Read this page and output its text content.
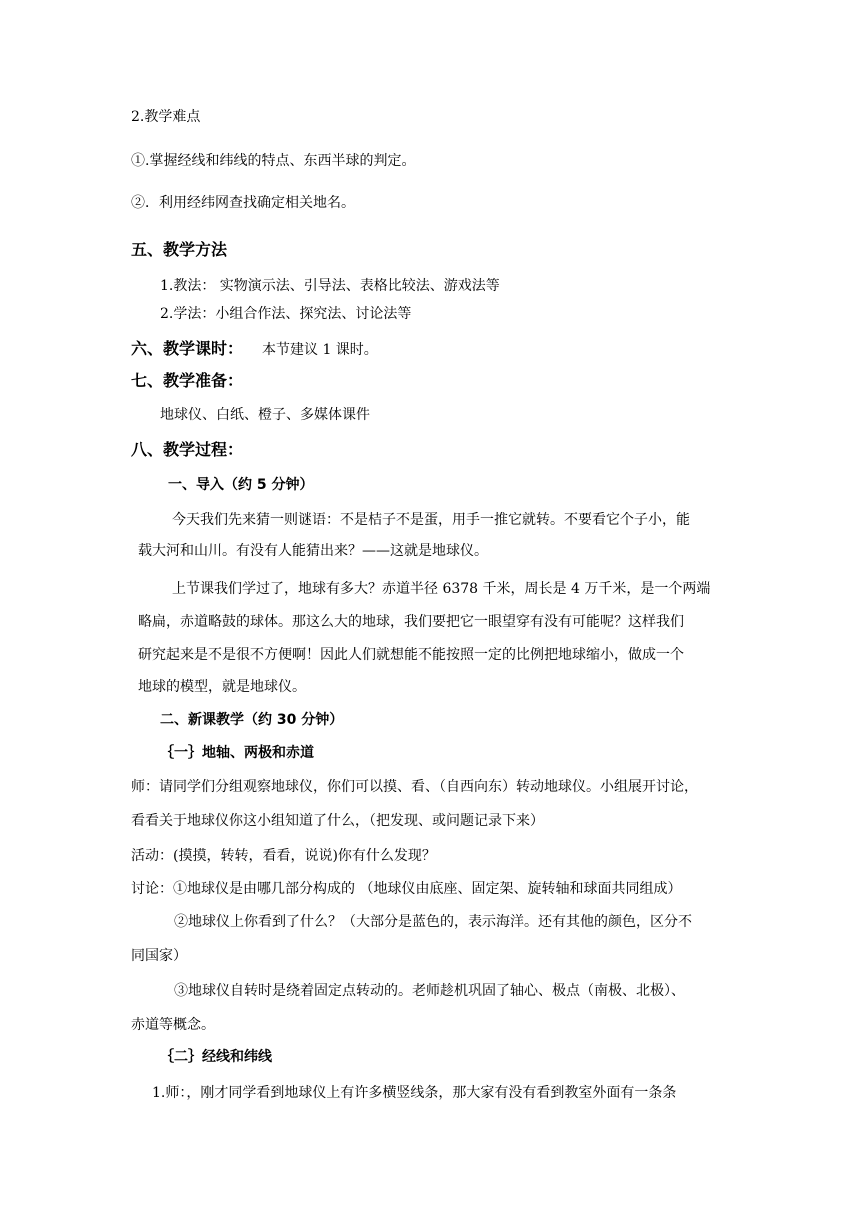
2.教学难点
①.掌握经线和纬线的特点、东西半球的判定。
②．利用经纬网查找确定相关地名。
五、教学方法
1.教法： 实物演示法、引导法、表格比较法、游戏法等
2.学法：小组合作法、探究法、讨论法等
六、教学课时： 本节建议 1 课时。
七、教学准备：
地球仪、白纸、橙子、多媒体课件
八、教学过程：
一、导入（约 5 分钟）
今天我们先来猜一则谜语：不是桔子不是蛋，用手一推它就转。不要看它个子小，能
载大河和山川。有没有人能猜出来？——这就是地球仪。
上节课我们学过了，地球有多大？赤道半径 6378 千米，周长是 4 万千米，是一个两端
略扁，赤道略鼓的球体。那这么大的地球，我们要把它一眼望穿有没有可能呢？这样我们
研究起来是不是很不方便啊！因此人们就想能不能按照一定的比例把地球缩小，做成一个
地球的模型，就是地球仪。
二、新课教学（约 30 分钟）
｛一｝地轴、两极和赤道
师：请同学们分组观察地球仪，你们可以摸、看、（自西向东）转动地球仪。小组展开讨论，
看看关于地球仪你这小组知道了什么，（把发现、或问题记录下来）
活动：(摸摸，转转，看看，说说)你有什么发现？
讨论：①地球仪是由哪几部分构成的 （地球仪由底座、固定架、旋转轴和球面共同组成）
②地球仪上你看到了什么？（大部分是蓝色的，表示海洋。还有其他的颜色，区分不
同国家）
③地球仪自转时是绕着固定点转动的。老师趁机巩固了轴心、极点（南极、北极）、
赤道等概念。
｛二｝经线和纬线
1.师：，刚才同学看到地球仪上有许多横竖线条，那大家有没有看到教室外面有一条条
